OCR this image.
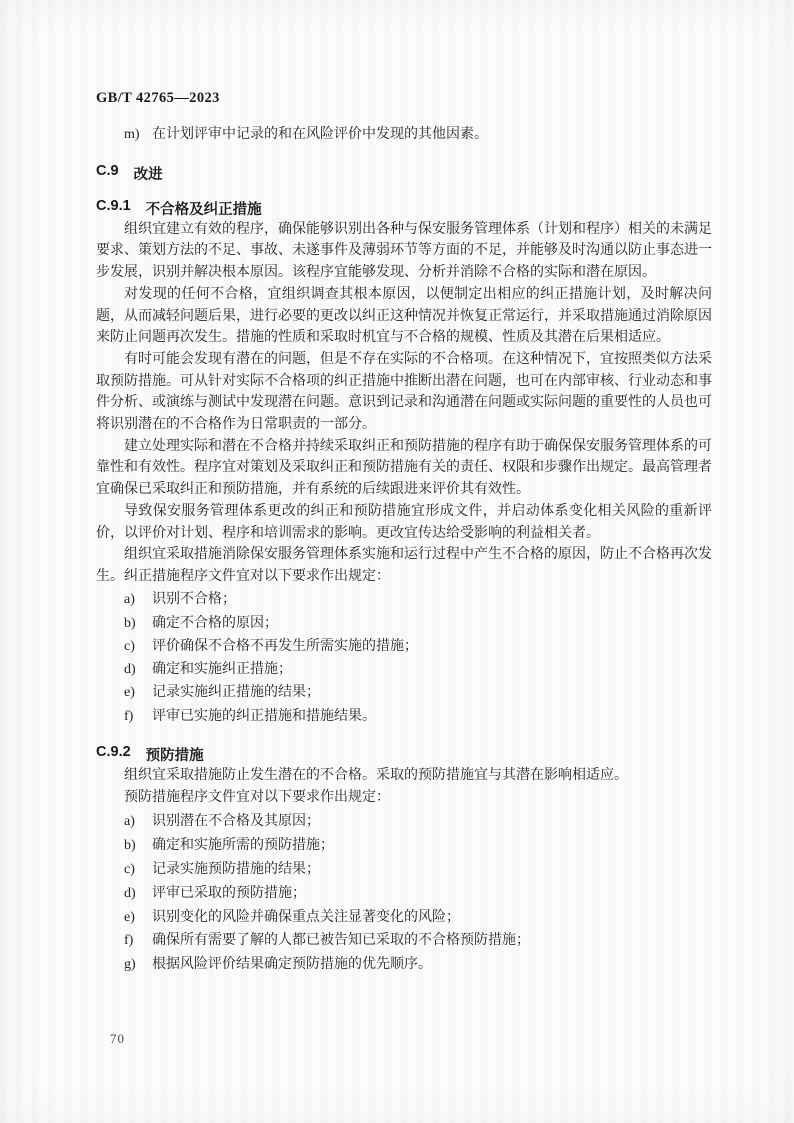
GB/T 42765—2023
m) 在计划评审中记录的和在风险评价中发现的其他因素。
C.9 改进
C.9.1 不合格及纠正措施

组织宜建立有效的程序，确保能够识别出各种与保安服务管理体系（计划和程序）相关的未满足要求、策划方法的不足、事故、未遂事件及薄弱环节等方面的不足，并能够及时沟通以防止事态进一步发展，识别并解决根本原因。该程序宜能够发现、分析并消除不合格的实际和潜在原因。

对发现的任何不合格，宜组织调查其根本原因，以便制定出相应的纠正措施计划，及时解决问题，从而减轻问题后果，进行必要的更改以纠正这种情况并恢复正常运行，并采取措施通过消除原因来防止问题再次发生。措施的性质和采取时机宜与不合格的规模、性质及其潜在后果相适应。

有时可能会发现有潜在的问题，但是不存在实际的不合格项。在这种情况下，宜按照类似方法采取预防措施。可从针对实际不合格项的纠正措施中推断出潜在问题，也可在内部审核、行业动态和事件分析、或演练与测试中发现潜在问题。意识到记录和沟通潜在问题或实际问题的重要性的人员也可将识别潜在的不合格作为日常职责的一部分。

建立处理实际和潜在不合格并持续采取纠正和预防措施的程序有助于确保保安服务管理体系的可靠性和有效性。程序宜对策划及采取纠正和预防措施有关的责任、权限和步骤作出规定。最高管理者宜确保已采取纠正和预防措施，并有系统的后续跟进来评价其有效性。

导致保安服务管理体系更改的纠正和预防措施宜形成文件，并启动体系变化相关风险的重新评价，以评价对计划、程序和培训需求的影响。更改宜传达给受影响的利益相关者。

组织宜采取措施消除保安服务管理体系实施和运行过程中产生不合格的原因，防止不合格再次发生。纠正措施程序文件宜对以下要求作出规定：

a) 识别不合格；
b) 确定不合格的原因；
c) 评价确保不合格不再发生所需实施的措施；
d) 确定和实施纠正措施；
e) 记录实施纠正措施的结果；
f) 评审已实施的纠正措施和措施结果。
C.9.2 预防措施

组织宜采取措施防止发生潜在的不合格。采取的预防措施宜与其潜在影响相适应。

预防措施程序文件宜对以下要求作出规定：

a) 识别潜在不合格及其原因；
b) 确定和实施所需的预防措施；
c) 记录实施预防措施的结果；
d) 评审已采取的预防措施；
e) 识别变化的风险并确保重点关注显著变化的风险；
f) 确保所有需要了解的人都已被告知已采取的不合格预防措施；
g) 根据风险评价结果确定预防措施的优先顺序。
70
